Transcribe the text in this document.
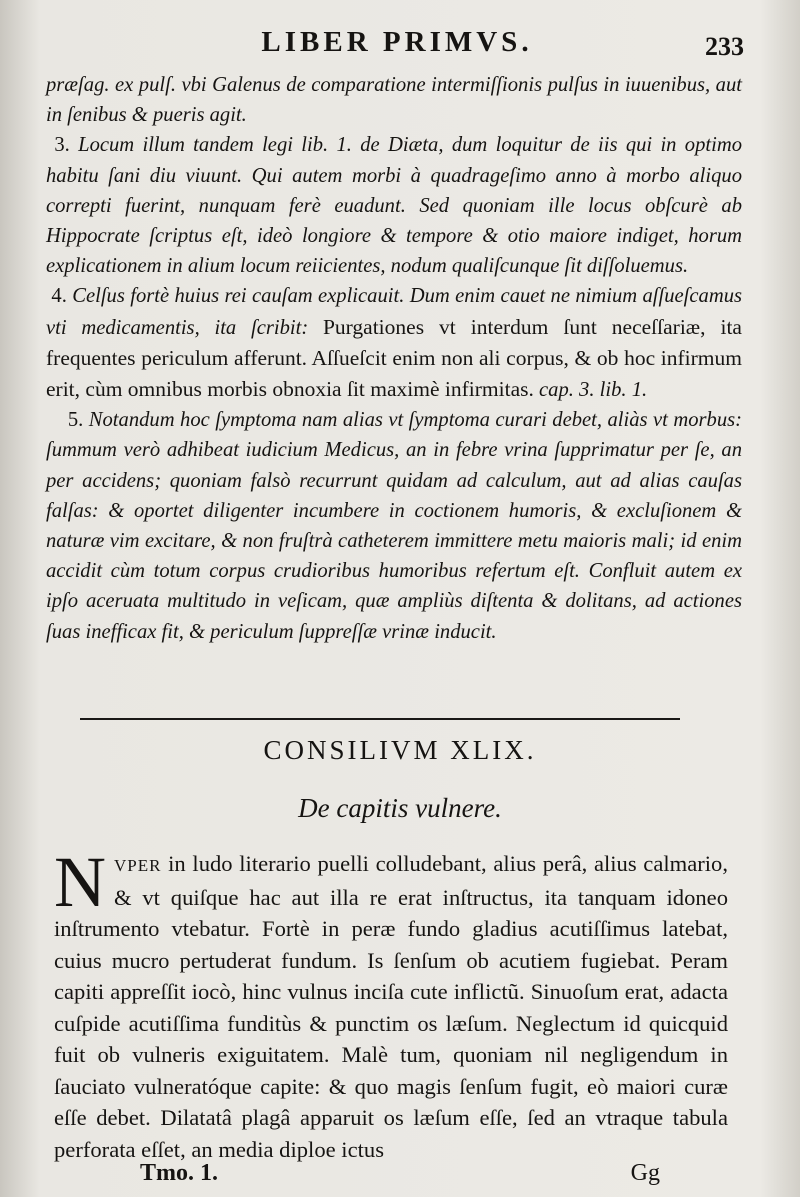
LIBER PRIMVS.	233

præſag. ex pulſ. vbi Galenus de comparatione intermiſſionis pulſus in iuuenibus, aut in ſenibus & pueris agit.

3. Locum illum tandem legi lib. 1. de Diæta, dum loquitur de iis qui in optimo habitu ſani diu viuunt. Qui autem morbi à quadrageſimo anno à morbo aliquo correpti fuerint, nunquam ferè euadunt. Sed quoniam ille locus obſcurè ab Hippocrate ſcriptus eſt, ideò longiore & tempore & otio maiore indiget, horum explicationem in alium locum reiicientes, nodum qualiſcunque ſit diſſoluemus.

4. Celſus fortè huius rei cauſam explicauit. Dum enim cauet ne nimium aſſueſcamus vti medicamentis, ita ſcribit: Purgationes vt interdum ſunt neceſſariæ, ita frequentes periculum afferunt. Aſſueſcit enim non ali corpus, & ob hoc infirmum erit, cùm omnibus morbis obnoxia ſit maximè infirmitas. cap. 3. lib. 1.

5. Notandum hoc ſymptoma nam alias vt ſymptoma curari debet, aliàs vt morbus: ſummum verò adhibeat iudicium Medicus, an in febre vrina ſupprimatur per ſe, an per accidens; quoniam falsò recurrunt quidam ad calculum, aut ad alias cauſas falſas: & oportet diligenter incumbere in coctionem humoris, & excluſionem & naturæ vim excitare, & non fruſtrà catheterem immittere metu maioris mali; id enim accidit cùm totum corpus crudioribus humoribus refertum eſt. Confluit autem ex ipſo aceruata multitudo in veſicam, quæ ampliùs diſtenta & dolitans, ad actiones ſuas inefficax fit, & periculum ſuppreſſæ vrinæ inducit.

CONSILIVM XLIX.
De capitis vulnere.
N VPER in ludo literario puelli colludebant, alius perâ, alius calmario, & vt quiſque hac aut illa re erat inſtructus, ita tanquam idoneo inſtrumento vtebatur. Fortè in peræ fundo gladius acutiſſimus latebat, cuius mucro pertuderat fundum. Is ſenſum ob acutiem fugiebat. Peram capiti appreſſit iocò, hinc vulnus inciſa cute inflictũ. Sinuoſum erat, adacta cuſpide acutiſſima funditùs & punctim os læſum. Neglectum id quicquid fuit ob vulneris exiguitatem. Malè tum, quoniam nil negligendum in ſauciato vulneratóque capite: & quo magis ſenſum fugit, eò maiori curæ eſſe debet. Dilatatâ plagâ apparuit os læſum eſſe, ſed an vtraque tabula perforata eſſet, an media diploe ictus
Tmo. 1.	Gg
